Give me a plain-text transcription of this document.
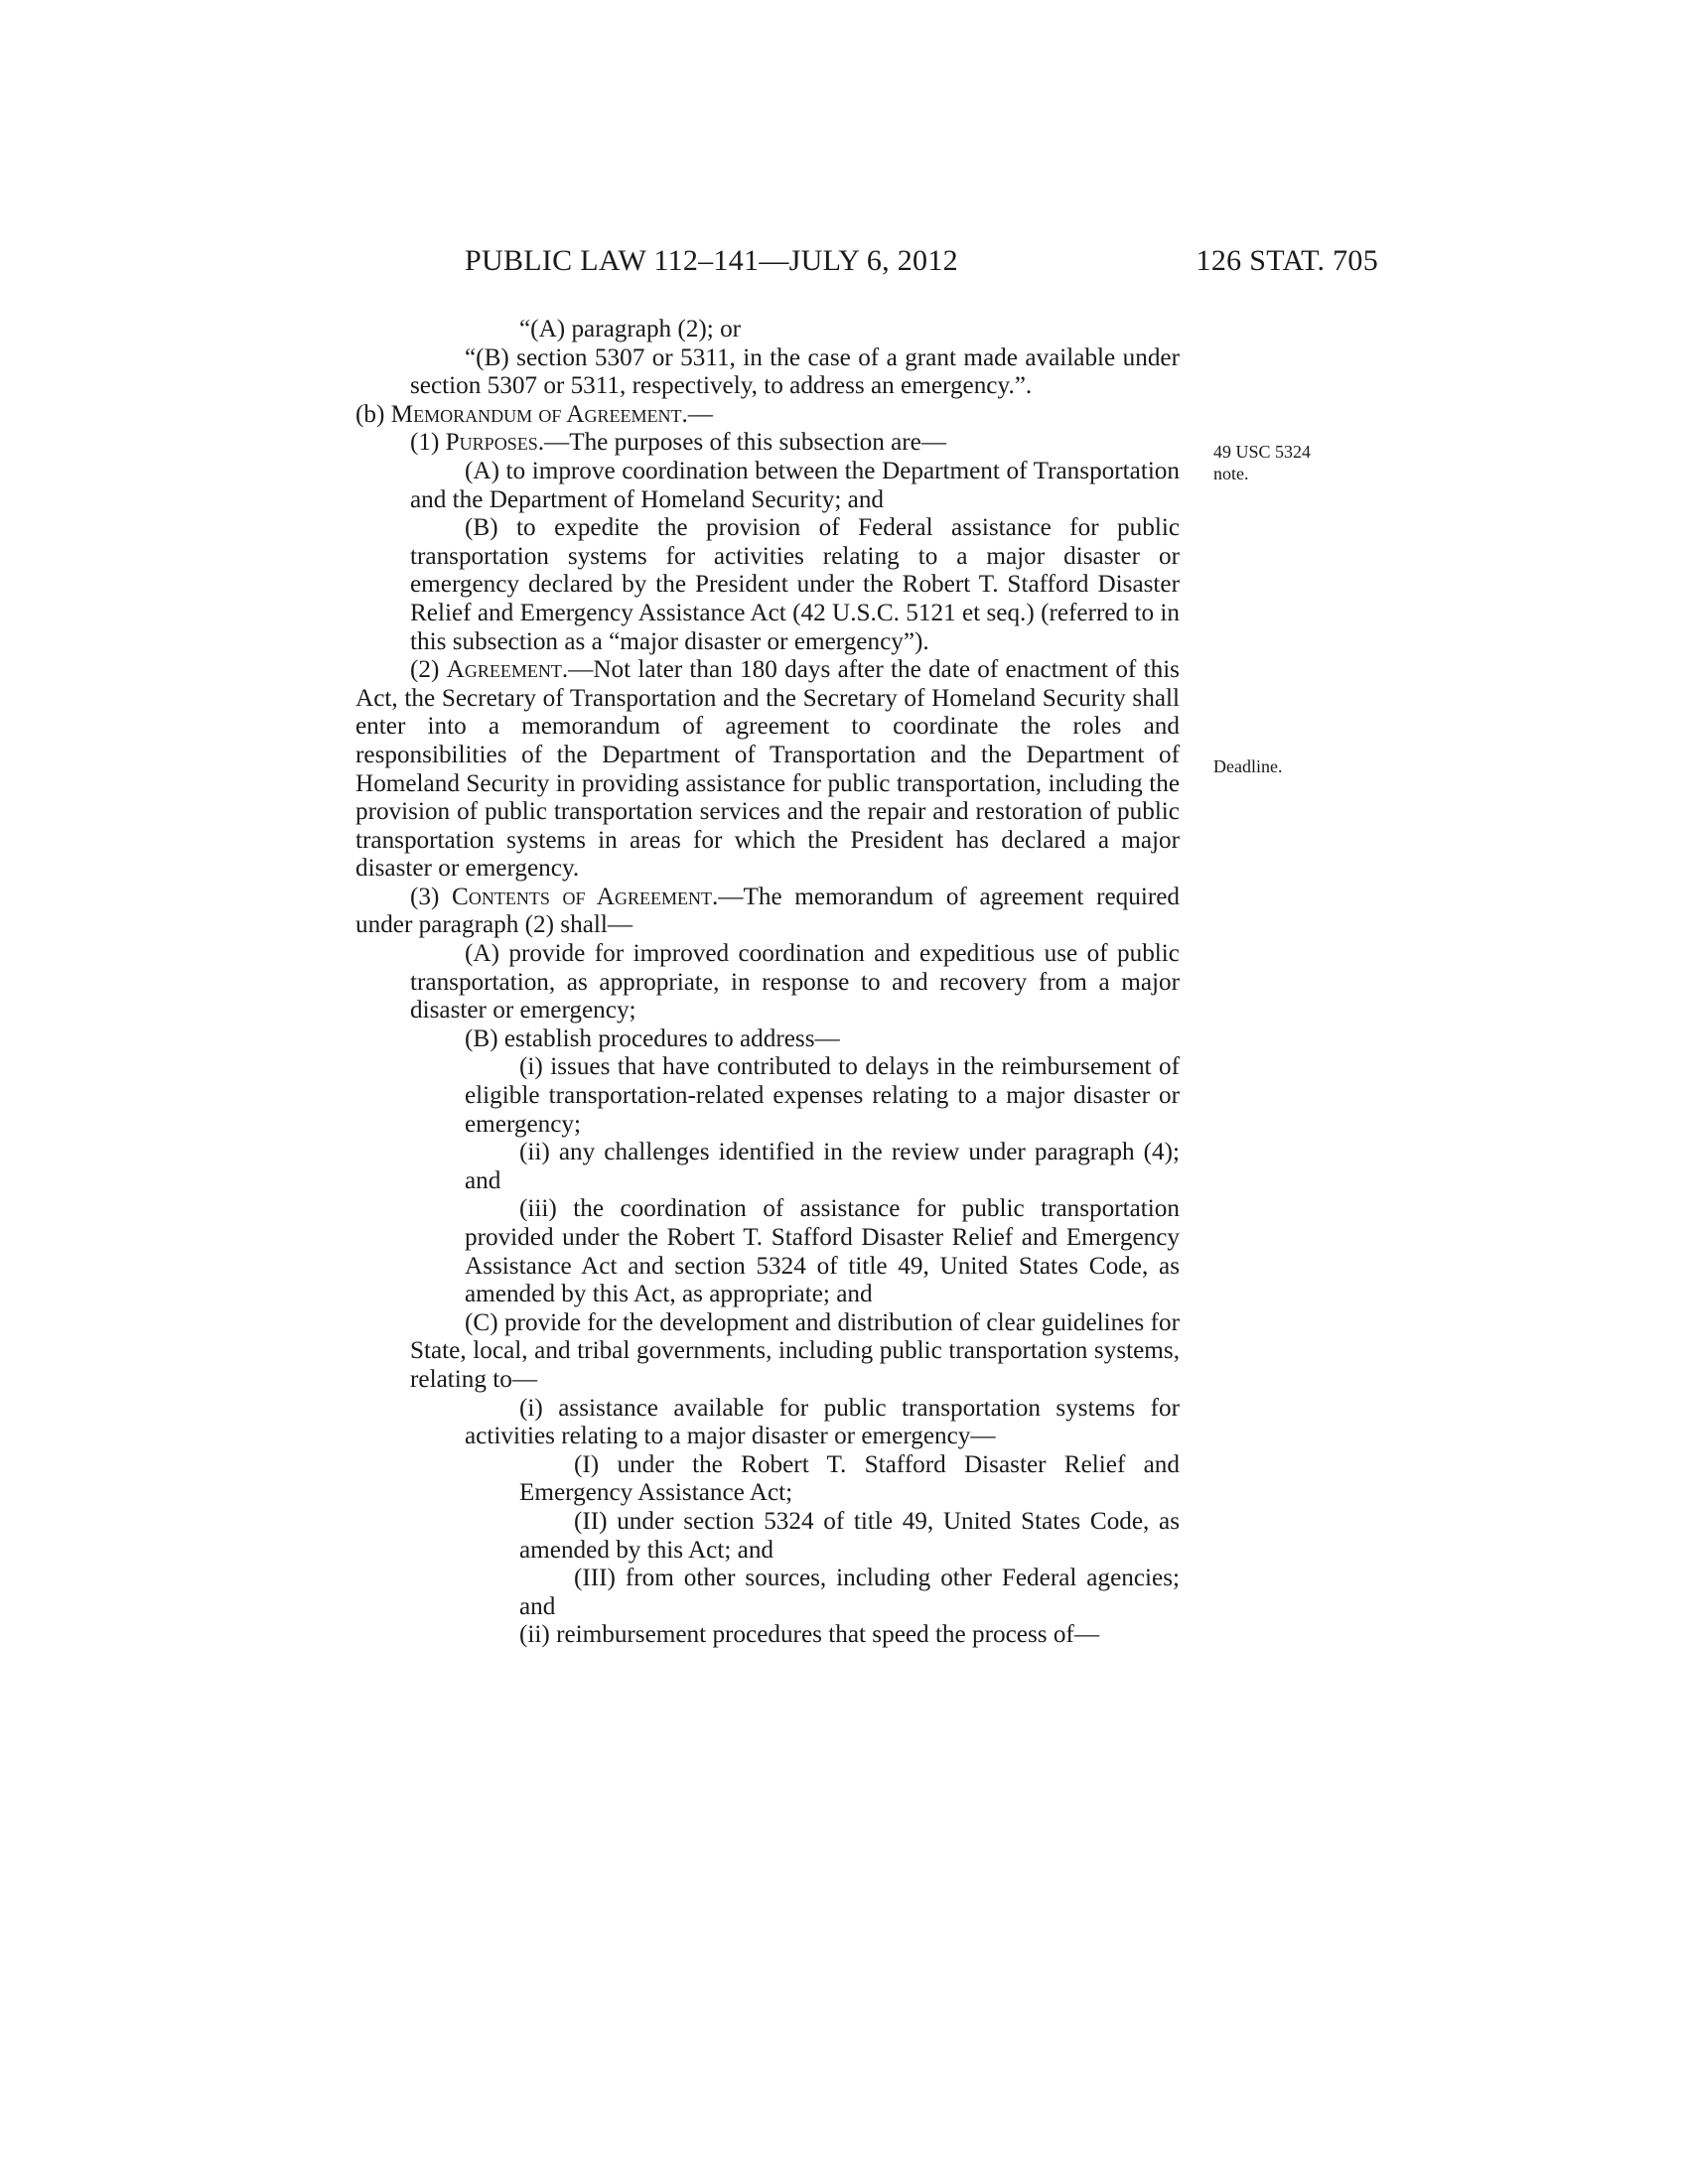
PUBLIC LAW 112–141—JULY 6, 2012	126 STAT. 705
49 USC 5324 note.
Deadline.

“(A) paragraph (2); or

“(B) section 5307 or 5311, in the case of a grant made available under section 5307 or 5311, respectively, to address an emergency.”.

(b) Memorandum of Agreement.—

(1) Purposes.—The purposes of this subsection are—

(A) to improve coordination between the Department of Transportation and the Department of Homeland Security; and

(B) to expedite the provision of Federal assistance for public transportation systems for activities relating to a major disaster or emergency declared by the President under the Robert T. Stafford Disaster Relief and Emergency Assistance Act (42 U.S.C. 5121 et seq.) (referred to in this subsection as a “major disaster or emergency”).

(2) Agreement.—Not later than 180 days after the date of enactment of this Act, the Secretary of Transportation and the Secretary of Homeland Security shall enter into a memorandum of agreement to coordinate the roles and responsibilities of the Department of Transportation and the Department of Homeland Security in providing assistance for public transportation, including the provision of public transportation services and the repair and restoration of public transportation systems in areas for which the President has declared a major disaster or emergency.

(3) Contents of Agreement.—The memorandum of agreement required under paragraph (2) shall—

(A) provide for improved coordination and expeditious use of public transportation, as appropriate, in response to and recovery from a major disaster or emergency;

(B) establish procedures to address—

(i) issues that have contributed to delays in the reimbursement of eligible transportation-related expenses relating to a major disaster or emergency;

(ii) any challenges identified in the review under paragraph (4); and

(iii) the coordination of assistance for public transportation provided under the Robert T. Stafford Disaster Relief and Emergency Assistance Act and section 5324 of title 49, United States Code, as amended by this Act, as appropriate; and

(C) provide for the development and distribution of clear guidelines for State, local, and tribal governments, including public transportation systems, relating to—

(i) assistance available for public transportation systems for activities relating to a major disaster or emergency—

(I) under the Robert T. Stafford Disaster Relief and Emergency Assistance Act;

(II) under section 5324 of title 49, United States Code, as amended by this Act; and

(III) from other sources, including other Federal agencies; and

(ii) reimbursement procedures that speed the process of—
